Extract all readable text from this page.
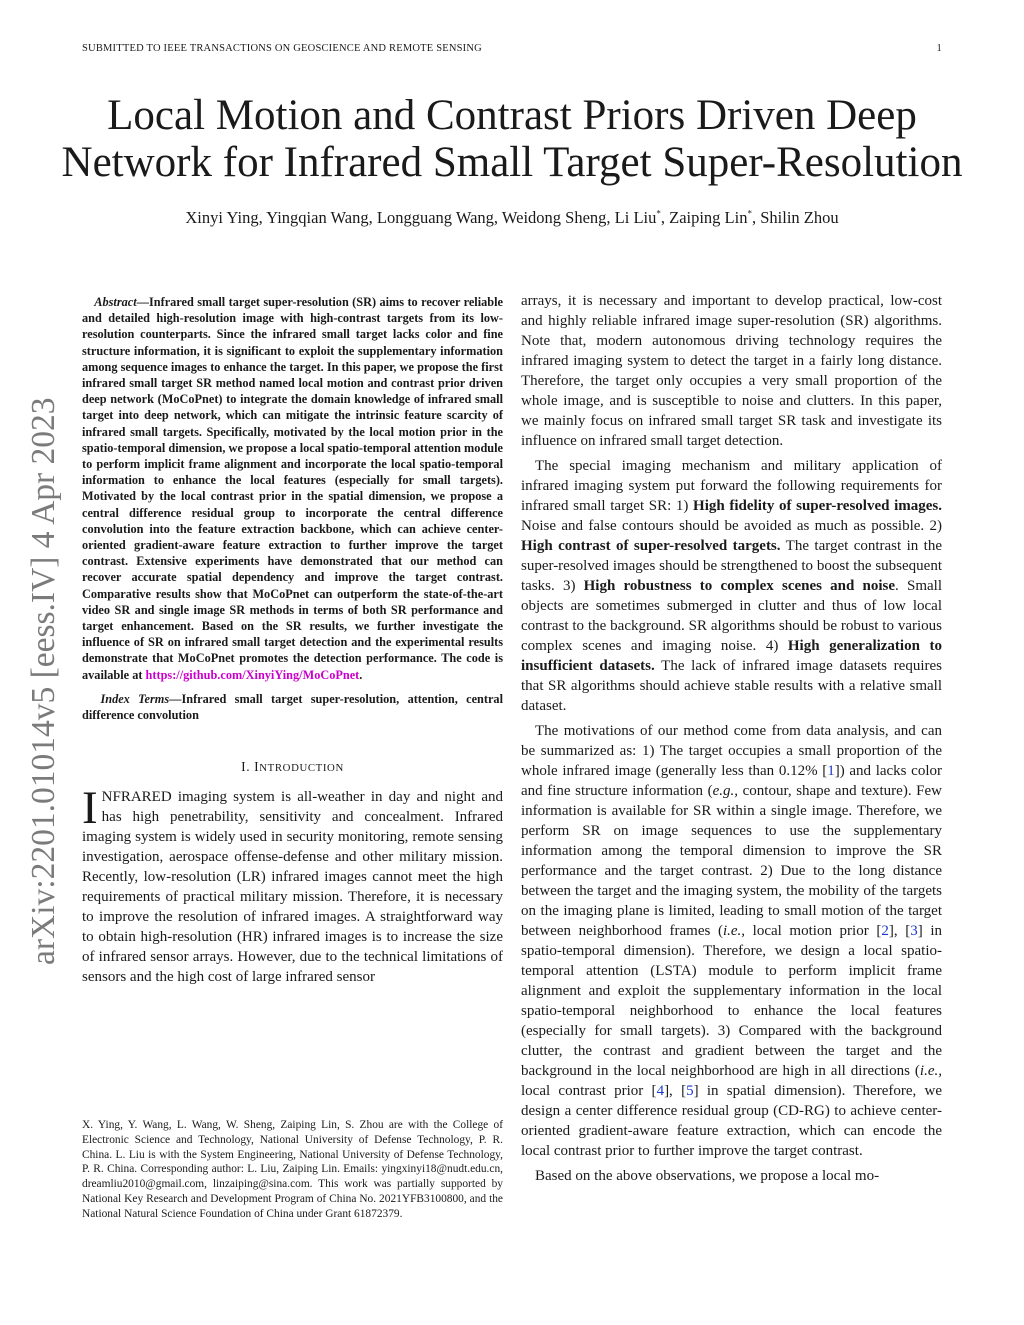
SUBMITTED TO IEEE TRANSACTIONS ON GEOSCIENCE AND REMOTE SENSING	1
arXiv:2201.01014v5 [eess.IV] 4 Apr 2023
Local Motion and Contrast Priors Driven Deep
Network for Infrared Small Target Super-Resolution
Xinyi Ying, Yingqian Wang, Longguang Wang, Weidong Sheng, Li Liu*, Zaiping Lin*, Shilin Zhou

 Abstract—Infrared small target super-resolution (SR) aims to recover reliable and detailed high-resolution image with high-contrast targets from its low-resolution counterparts. Since the infrared small target lacks color and fine structure information, it is significant to exploit the supplementary information among sequence images to enhance the target. In this paper, we propose the first infrared small target SR method named local motion and contrast prior driven deep network (MoCoPnet) to integrate the domain knowledge of infrared small target into deep network, which can mitigate the intrinsic feature scarcity of infrared small targets. Specifically, motivated by the local motion prior in the spatio-temporal dimension, we propose a local spatio-temporal attention module to perform implicit frame alignment and incorporate the local spatio-temporal information to enhance the local features (especially for small targets). Motivated by the local contrast prior in the spatial dimension, we propose a central difference residual group to incorporate the central difference convolution into the feature extraction backbone, which can achieve center-oriented gradient-aware feature extraction to further improve the target contrast. Extensive experiments have demonstrated that our method can recover accurate spatial dependency and improve the target contrast. Comparative results show that MoCoPnet can outperform the state-of-the-art video SR and single image SR methods in terms of both SR performance and target enhancement. Based on the SR results, we further investigate the influence of SR on infrared small target detection and the experimental results demonstrate that MoCoPnet promotes the detection performance. The code is available at https://github.com/XinyiYing/MoCoPnet.

  Index Terms—Infrared small target super-resolution, attention, central difference convolution

I. INTRODUCTION

INFRARED imaging system is all-weather in day and night and has high penetrability, sensitivity and concealment. Infrared imaging system is widely used in security monitoring, remote sensing investigation, aerospace offense-defense and other military mission. Recently, low-resolution (LR) infrared images cannot meet the high requirements of practical military mission. Therefore, it is necessary to improve the resolution of infrared images. A straightforward way to obtain high-resolution (HR) infrared images is to increase the size of infrared sensor arrays. However, due to the technical limitations of sensors and the high cost of large infrared sensor

X. Ying, Y. Wang, L. Wang, W. Sheng, Zaiping Lin, S. Zhou are with the College of Electronic Science and Technology, National University of Defense Technology, P. R. China. L. Liu is with the System Engineering, National University of Defense Technology, P. R. China. Corresponding author: L. Liu, Zaiping Lin. Emails: yingxinyi18@nudt.edu.cn, dreamliu2010@gmail.com, linzaiping@sina.com. This work was partially supported by National Key Research and Development Program of China No. 2021YFB3100800, and the National Natural Science Foundation of China under Grant 61872379.

arrays, it is necessary and important to develop practical, low-cost and highly reliable infrared image super-resolution (SR) algorithms. Note that, modern autonomous driving technology requires the infrared imaging system to detect the target in a fairly long distance. Therefore, the target only occupies a very small proportion of the whole image, and is susceptible to noise and clutters. In this paper, we mainly focus on infrared small target SR task and investigate its influence on infrared small target detection.

The special imaging mechanism and military application of infrared imaging system put forward the following requirements for infrared small target SR: 1) High fidelity of super-resolved images. Noise and false contours should be avoided as much as possible. 2) High contrast of super-resolved targets. The target contrast in the super-resolved images should be strengthened to boost the subsequent tasks. 3) High robustness to complex scenes and noise. Small objects are sometimes submerged in clutter and thus of low local contrast to the background. SR algorithms should be robust to various complex scenes and imaging noise. 4) High generalization to insufficient datasets. The lack of infrared image datasets requires that SR algorithms should achieve stable results with a relative small dataset.

The motivations of our method come from data analysis, and can be summarized as: 1) The target occupies a small proportion of the whole infrared image (generally less than 0.12% [1]) and lacks color and fine structure information (e.g., contour, shape and texture). Few information is available for SR within a single image. Therefore, we perform SR on image sequences to use the supplementary information among the temporal dimension to improve the SR performance and the target contrast. 2) Due to the long distance between the target and the imaging system, the mobility of the targets on the imaging plane is limited, leading to small motion of the target between neighborhood frames (i.e., local motion prior [2], [3] in spatio-temporal dimension). Therefore, we design a local spatio-temporal attention (LSTA) module to perform implicit frame alignment and exploit the supplementary information in the local spatio-temporal neighborhood to enhance the local features (especially for small targets). 3) Compared with the background clutter, the contrast and gradient between the target and the background in the local neighborhood are high in all directions (i.e., local contrast prior [4], [5] in spatial dimension). Therefore, we design a center difference residual group (CD-RG) to achieve center-oriented gradient-aware feature extraction, which can encode the local contrast prior to further improve the target contrast.

Based on the above observations, we propose a local mo-
